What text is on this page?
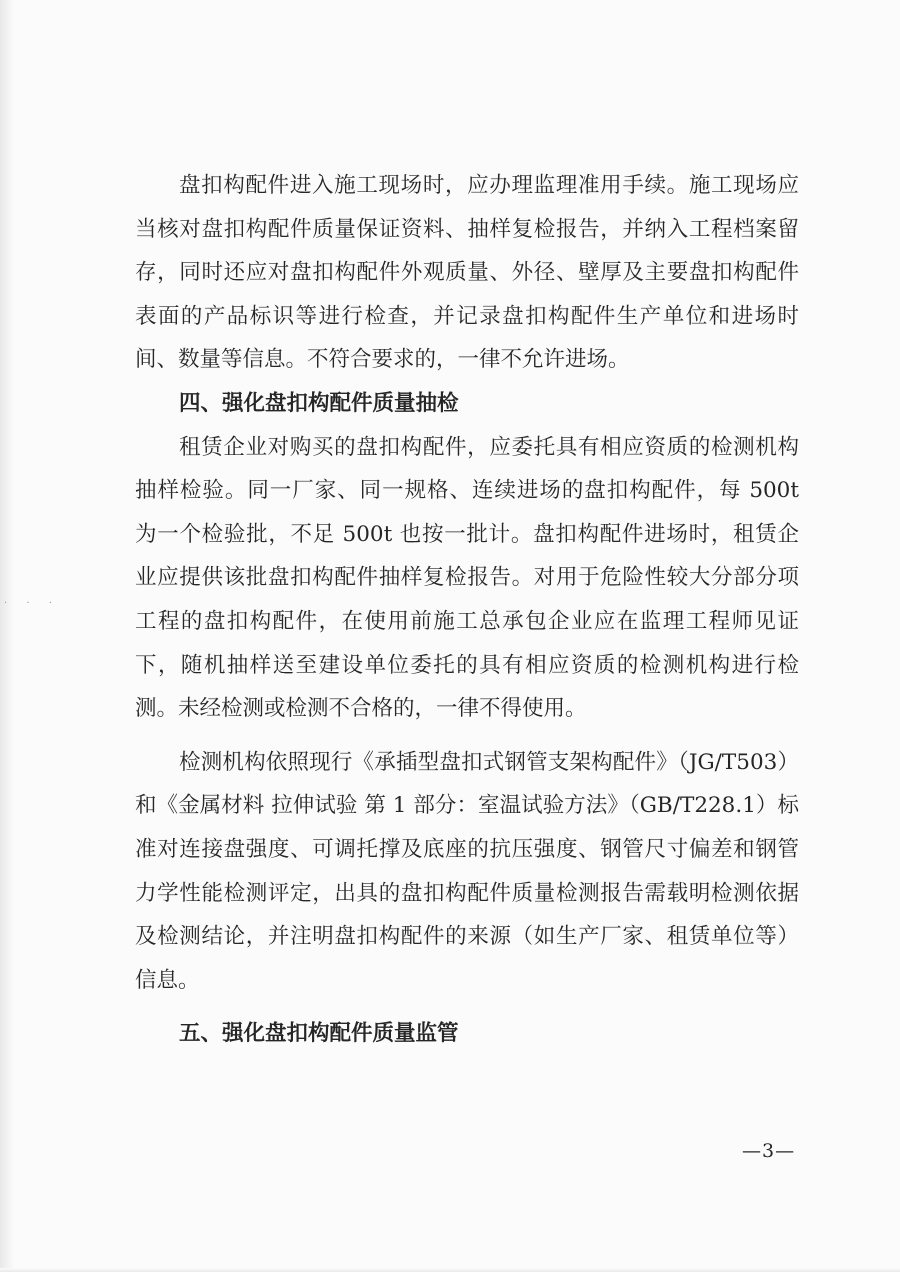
· · ·

盘扣构配件进入施工现场时，应办理监理准用手续。施工现场应当核对盘扣构配件质量保证资料、抽样复检报告，并纳入工程档案留存，同时还应对盘扣构配件外观质量、外径、壁厚及主要盘扣构配件表面的产品标识等进行检查，并记录盘扣构配件生产单位和进场时间、数量等信息。不符合要求的，一律不允许进场。

四、强化盘扣构配件质量抽检

租赁企业对购买的盘扣构配件，应委托具有相应资质的检测机构抽样检验。同一厂家、同一规格、连续进场的盘扣构配件，每 500t 为一个检验批，不足 500t 也按一批计。盘扣构配件进场时，租赁企业应提供该批盘扣构配件抽样复检报告。对用于危险性较大分部分项工程的盘扣构配件，在使用前施工总承包企业应在监理工程师见证下，随机抽样送至建设单位委托的具有相应资质的检测机构进行检测。未经检测或检测不合格的，一律不得使用。

检测机构依照现行《承插型盘扣式钢管支架构配件》（JG/T503）和《金属材料 拉伸试验 第 1 部分：室温试验方法》（GB/T228.1）标准对连接盘强度、可调托撑及底座的抗压强度、钢管尺寸偏差和钢管力学性能检测评定，出具的盘扣构配件质量检测报告需载明检测依据及检测结论，并注明盘扣构配件的来源（如生产厂家、租赁单位等）信息。

五、强化盘扣构配件质量监管
—3—
